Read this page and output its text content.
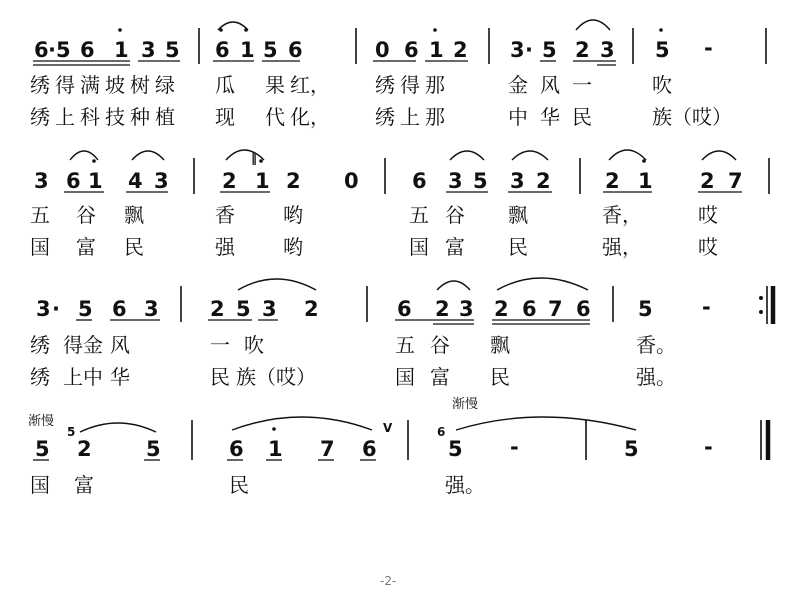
6 · 5 6 1 3 5 6 1 5 6	0 6 1 2 3 · 5 2 3 5 -
绣 得 满 坡 树 绿 瓜 果 红， 绣 得 那	金 风 一	吹
绣 上 科 技 种 植 现 代 化， 绣 上 那	中 华 民	族（哎）
3 6 1 4 3	2 1 2 0
‖
6 3 5 3 2	2 1 2 7
五 谷 飘	香 哟	五 谷 飘	香，	哎
国 富 民	强 哟	国 富 民	强，	哎
3 · 5 6 3 2 5 3 2	6 2 3 2 6 7 6 5 -
绣 得 金 风	一 吹	五 谷 飘	香。
绣 上 中 华	民 族（哎）	国 富 民	强。
渐慢
渐慢
5
5
2	5	6 1 7 6
V	6
5 -	5	-
国 富	民	强。
-2-
